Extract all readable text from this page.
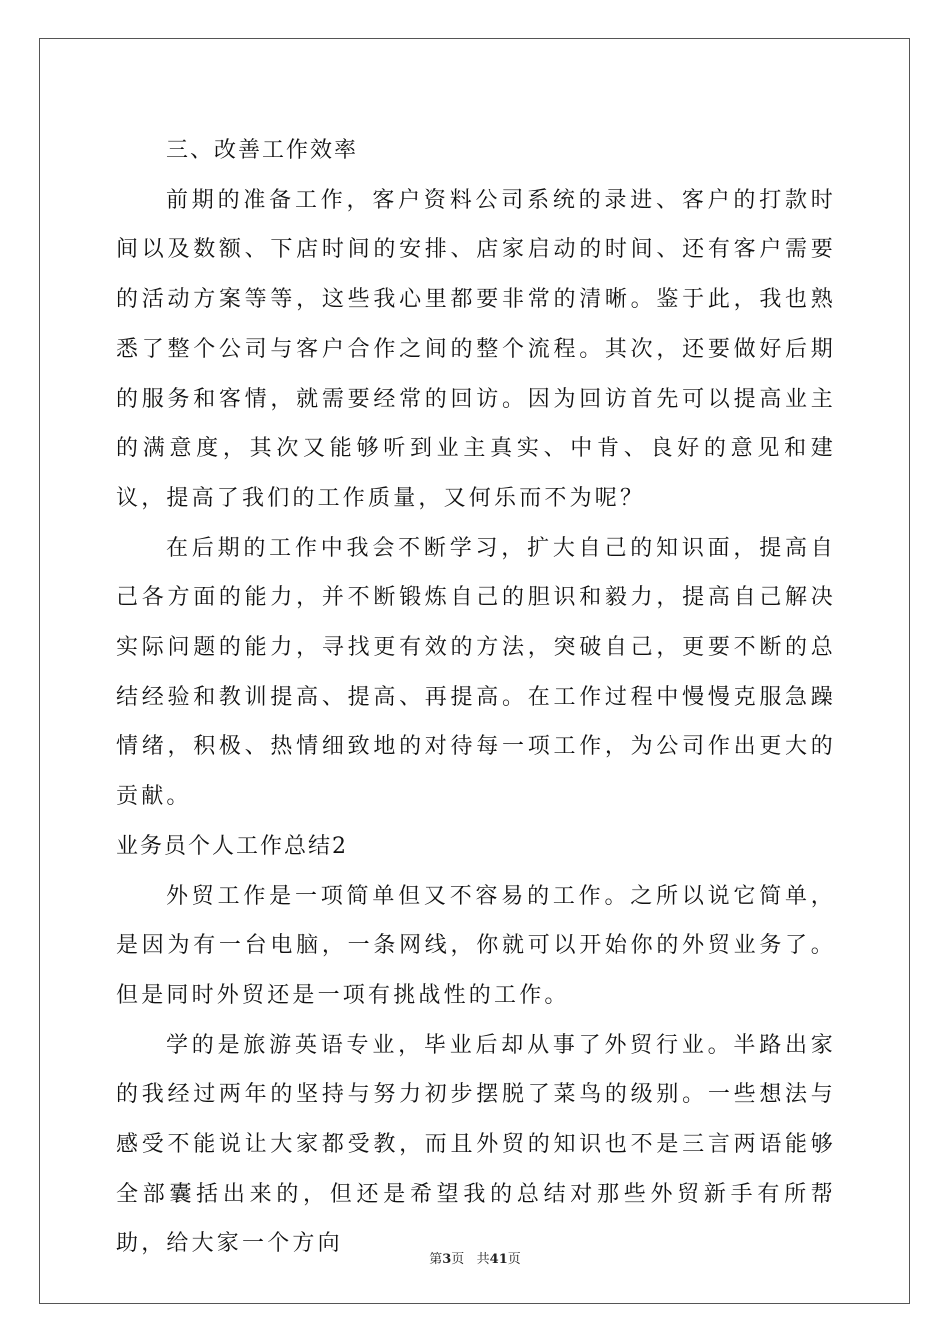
三、改善工作效率

前期的准备工作，客户资料公司系统的录进、客户的打款时间以及数额、下店时间的安排、店家启动的时间、还有客户需要的活动方案等等，这些我心里都要非常的清晰。鉴于此，我也熟悉了整个公司与客户合作之间的整个流程。其次，还要做好后期的服务和客情，就需要经常的回访。因为回访首先可以提高业主的满意度，其次又能够听到业主真实、中肯、良好的意见和建议，提高了我们的工作质量，又何乐而不为呢？

在后期的工作中我会不断学习，扩大自己的知识面，提高自己各方面的能力，并不断锻炼自己的胆识和毅力，提高自己解决实际问题的能力，寻找更有效的方法，突破自己，更要不断的总结经验和教训提高、提高、再提高。在工作过程中慢慢克服急躁情绪，积极、热情细致地的对待每一项工作，为公司作出更大的贡献。

业务员个人工作总结2

外贸工作是一项简单但又不容易的工作。之所以说它简单，是因为有一台电脑，一条网线，你就可以开始你的外贸业务了。但是同时外贸还是一项有挑战性的工作。

学的是旅游英语专业，毕业后却从事了外贸行业。半路出家的我经过两年的坚持与努力初步摆脱了菜鸟的级别。一些想法与感受不能说让大家都受教，而且外贸的知识也不是三言两语能够全部囊括出来的，但还是希望我的总结对那些外贸新手有所帮助，给大家一个方向

第3页   共41页
